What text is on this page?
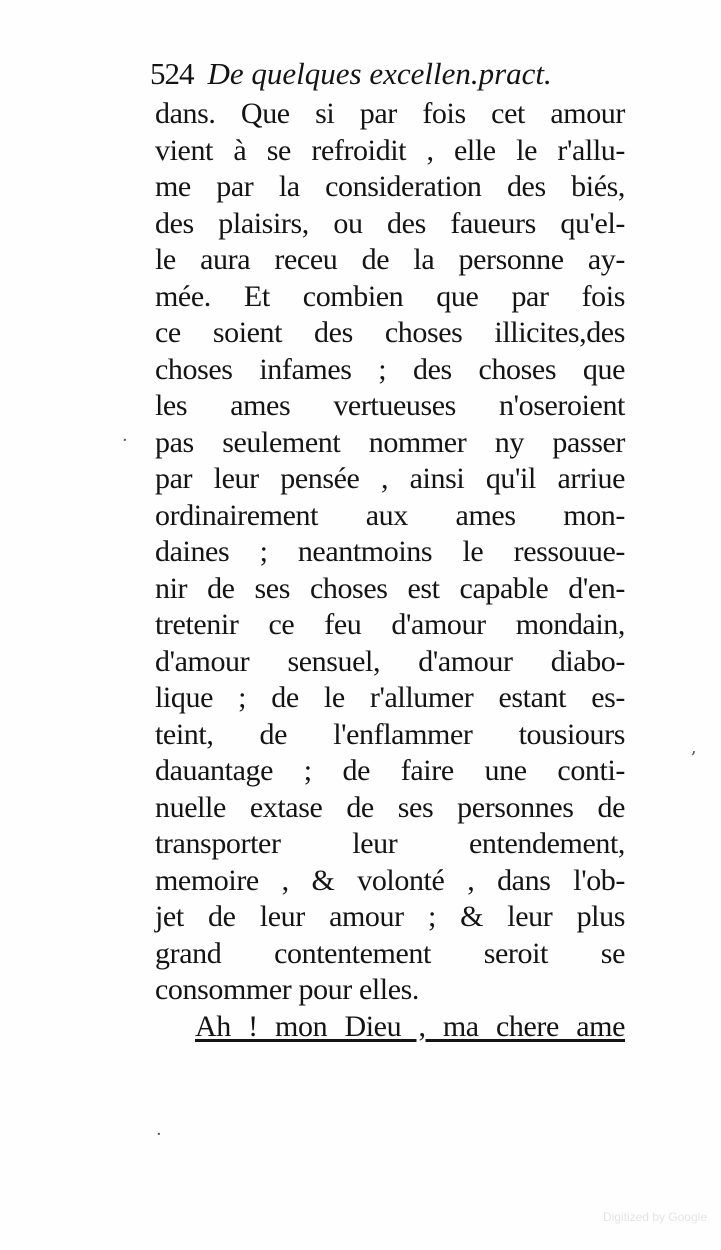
524 De quelques excellen.pract.
dans. Que si par fois cet amour
vient à se refroidit , elle le r'allu-
me par la consideration des biés,
des plaisirs, ou des faueurs qu'el-
le aura receu de la personne ay-
mée. Et combien que par fois
ce soient des choses illicites,des
choses infames ; des choses que
les ames vertueuses n'oseroient
pas seulement nommer ny passer
par leur pensée , ainsi qu'il arriue
ordinairement aux ames mon-
daines ; neantmoins le ressouue-
nir de ses choses est capable d'en-
tretenir ce feu d'amour mondain,
d'amour sensuel, d'amour diabo-
lique ; de le r'allumer estant es-
teint, de l'enflammer tousiours
dauantage ; de faire une conti-
nuelle extase de ses personnes de
transporter leur entendement,
memoire , & volonté , dans l'ob-
jet de leur amour ; & leur plus
grand contentement seroit se
consommer pour elles.
Ah ! mon Dieu , ma chere ame
·
ʼ
·
Digitized by Google
